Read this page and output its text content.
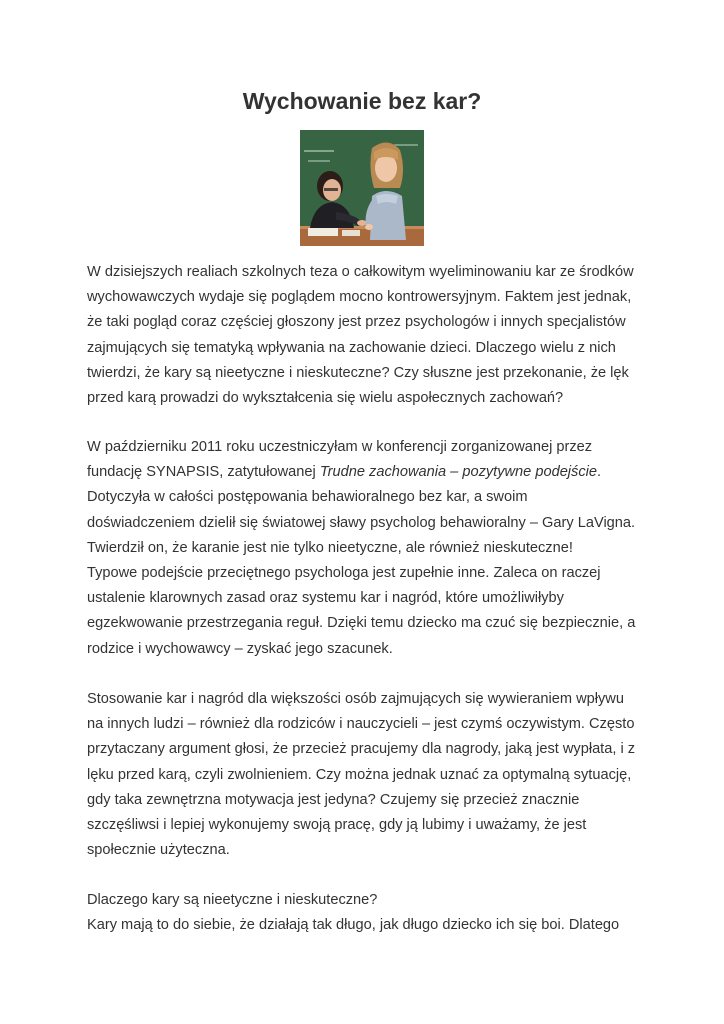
Wychowanie bez kar?

W dzisiejszych realiach szkolnych teza o całkowitym wyeliminowaniu kar ze środków
wychowawczych wydaje się poglądem mocno kontrowersyjnym. Faktem jest jednak,
że taki pogląd coraz częściej głoszony jest przez psychologów i innych specjalistów
zajmujących się tematyką wpływania na zachowanie dzieci. Dlaczego wielu z nich
twierdzi, że kary są nieetyczne i nieskuteczne? Czy słuszne jest przekonanie, że lęk
przed karą prowadzi do wykształcenia się wielu aspołecznych zachowań?

W październiku 2011 roku uczestniczyłam w konferencji zorganizowanej przez
fundację SYNAPSIS, zatytułowanej Trudne zachowania – pozytywne podejście.
Dotyczyła w całości postępowania behawioralnego bez kar, a swoim
doświadczeniem dzielił się światowej sławy psycholog behawioralny – Gary LaVigna.
Twierdził on, że karanie jest nie tylko nieetyczne, ale również nieskuteczne!
Typowe podejście przeciętnego psychologa jest zupełnie inne. Zaleca on raczej
ustalenie klarownych zasad oraz systemu kar i nagród, które umożliwiłyby
egzekwowanie przestrzegania reguł. Dzięki temu dziecko ma czuć się bezpiecznie, a
rodzice i wychowawcy – zyskać jego szacunek.

Stosowanie kar i nagród dla większości osób zajmujących się wywieraniem wpływu
na innych ludzi – również dla rodziców i nauczycieli – jest czymś oczywistym. Często
przytaczany argument głosi, że przecież pracujemy dla nagrody, jaką jest wypłata, i z
lęku przed karą, czyli zwolnieniem. Czy można jednak uznać za optymalną sytuację,
gdy taka zewnętrzna motywacja jest jedyna? Czujemy się przecież znacznie
szczęśliwsi i lepiej wykonujemy swoją pracę, gdy ją lubimy i uważamy, że jest
społecznie użyteczna.

Dlaczego kary są nieetyczne i nieskuteczne?
Kary mają to do siebie, że działają tak długo, jak długo dziecko ich się boi. Dlatego
